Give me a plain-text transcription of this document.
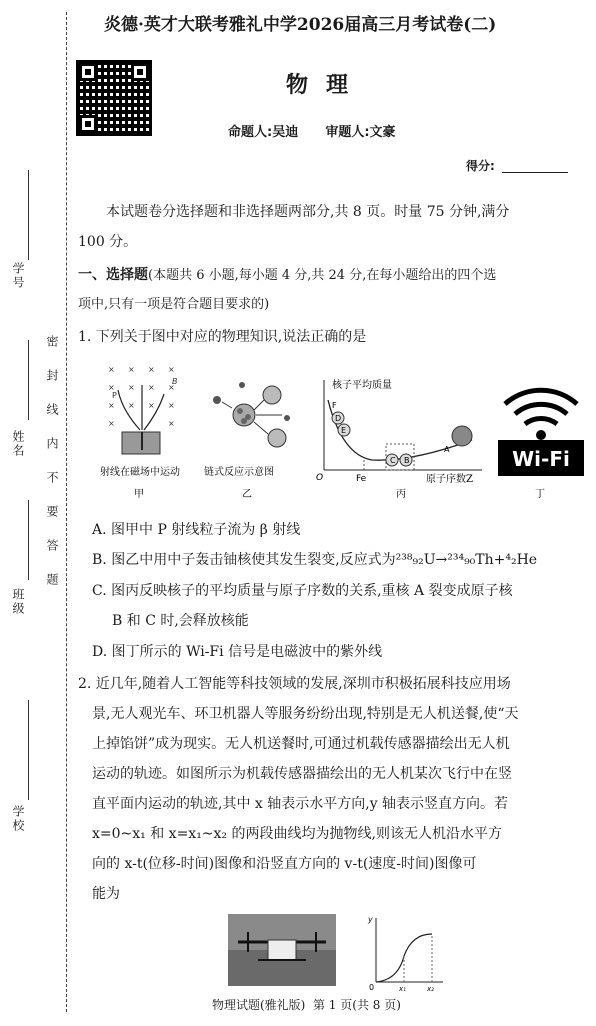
学号
姓名
班级
学校
密封线内不要答题
炎德·英才大联考雅礼中学2026届高三月考试卷(二)
物理
命题人:吴迪      审题人:文豪
得分:
本试题卷分选择题和非选择题两部分,共 8 页。时量 75 分钟,满分
100 分。
一、选择题(本题共 6 小题,每小题 4 分,共 24 分,在每小题给出的四个选
项中,只有一项是符合题目要求的)
1. 下列关于图中对应的物理知识,说法正确的是
× × × ×
× × × ×
× × × ×
×	×
B
P
射线在磁场中运动
甲
链式反应示意图
乙
D
E
F
C B
A
O	Fe
核子平均质量
原子序数Z
丙
Wi-Fi
丁
A. 图甲中 P 射线粒子流为 β 射线
B. 图乙中用中子轰击铀核使其发生裂变,反应式为²³⁸₉₂U→²³⁴₉₀Th+⁴₂He
C. 图丙反映核子的平均质量与原子序数的关系,重核 A 裂变成原子核
B 和 C 时,会释放核能
D. 图丁所示的 Wi-Fi 信号是电磁波中的紫外线
2. 近几年,随着人工智能等科技领域的发展,深圳市积极拓展科技应用场
景,无人观光车、环卫机器人等服务纷纷出现,特别是无人机送餐,使“天
上掉馅饼”成为现实。无人机送餐时,可通过机载传感器描绘出无人机
运动的轨迹。如图所示为机载传感器描绘出的无人机某次飞行中在竖
直平面内运动的轨迹,其中 x 轴表示水平方向,y 轴表示竖直方向。若
x=0~x₁ 和 x=x₁~x₂ 的两段曲线均为抛物线,则该无人机沿水平方
向的 x-t(位移-时间)图像和沿竖直方向的 v-t(速度-时间)图像可
能为
y
0	x₁	x₂
物理试题(雅礼版)  第 1 页(共 8 页)
